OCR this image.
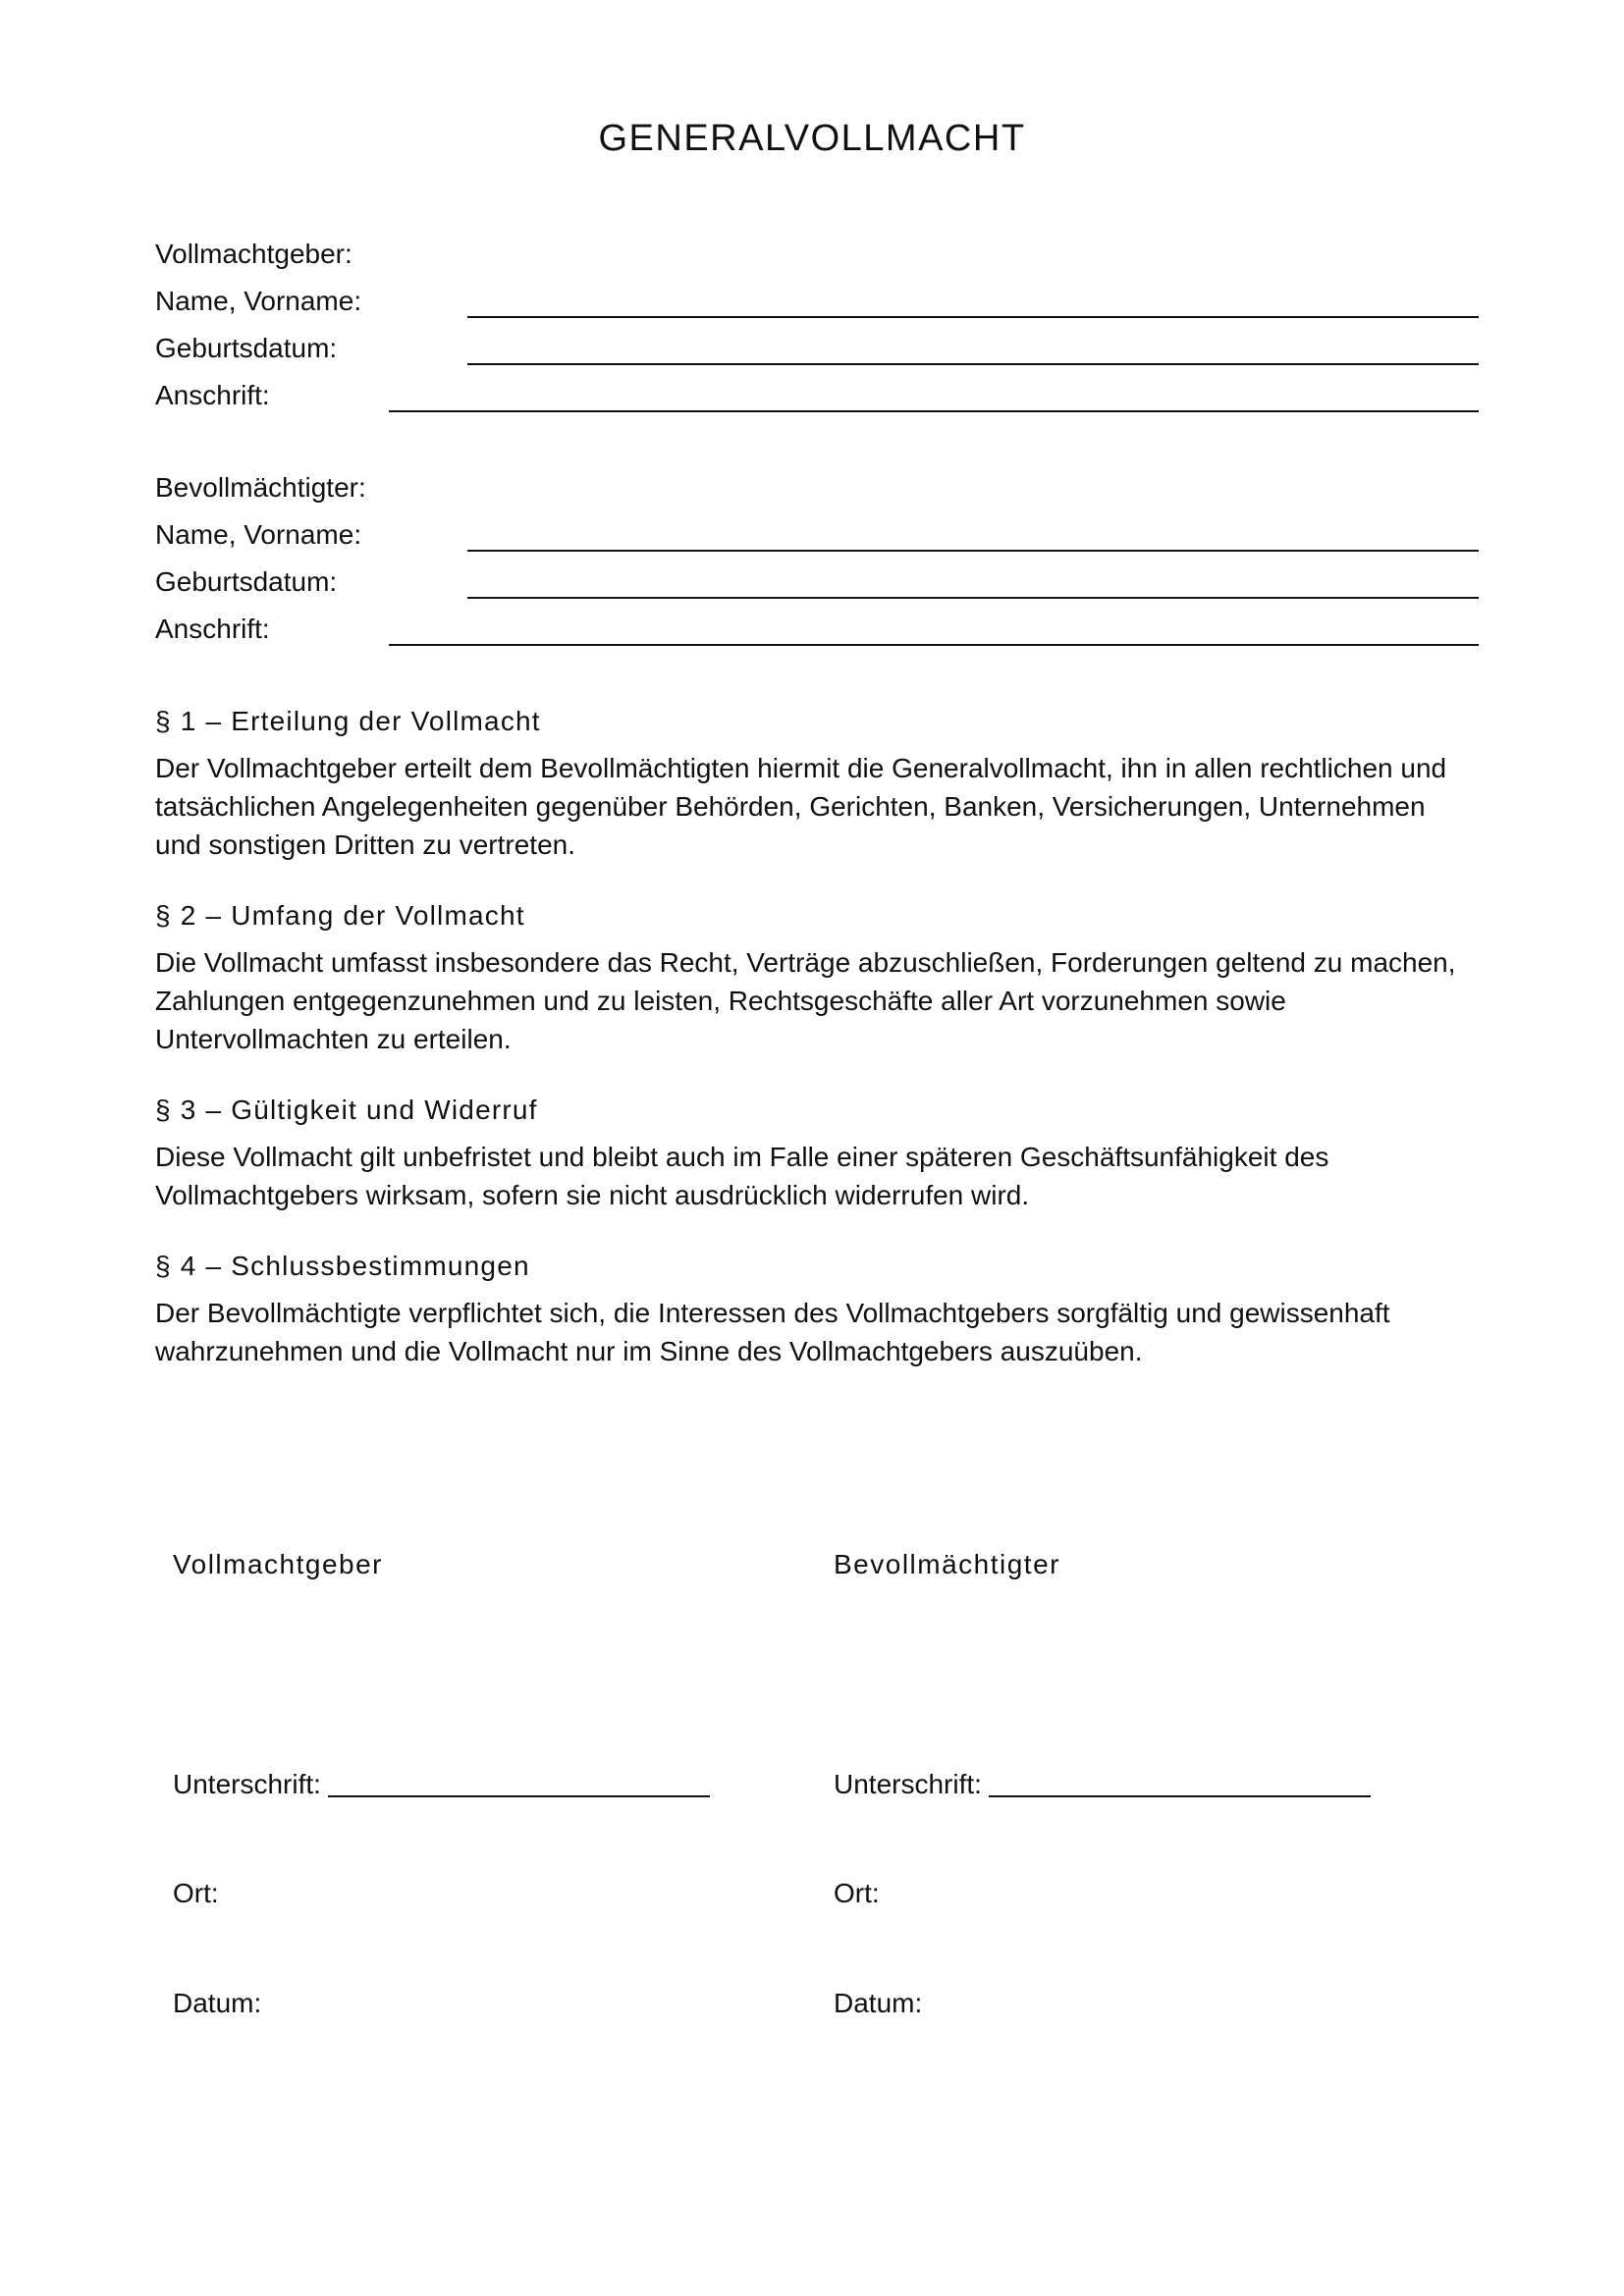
GENERALVOLLMACHT
Vollmachtgeber:
Name, Vorname:
Geburtsdatum:
Anschrift:
Bevollmächtigter:
Name, Vorname:
Geburtsdatum:
Anschrift:
§ 1 – Erteilung der Vollmacht
Der Vollmachtgeber erteilt dem Bevollmächtigten hiermit die Generalvollmacht, ihn in allen rechtlichen und tatsächlichen Angelegenheiten gegenüber Behörden, Gerichten, Banken, Versicherungen, Unternehmen und sonstigen Dritten zu vertreten.
§ 2 – Umfang der Vollmacht
Die Vollmacht umfasst insbesondere das Recht, Verträge abzuschließen, Forderungen geltend zu machen, Zahlungen entgegenzunehmen und zu leisten, Rechtsgeschäfte aller Art vorzunehmen sowie Untervollmachten zu erteilen.
§ 3 – Gültigkeit und Widerruf
Diese Vollmacht gilt unbefristet und bleibt auch im Falle einer späteren Geschäftsunfähigkeit des Vollmachtgebers wirksam, sofern sie nicht ausdrücklich widerrufen wird.
§ 4 – Schlussbestimmungen
Der Bevollmächtigte verpflichtet sich, die Interessen des Vollmachtgebers sorgfältig und gewissenhaft wahrzunehmen und die Vollmacht nur im Sinne des Vollmachtgebers auszuüben.
Vollmachtgeber
Unterschrift:
Ort:
Datum:
Bevollmächtigter
Unterschrift:
Ort:
Datum:
